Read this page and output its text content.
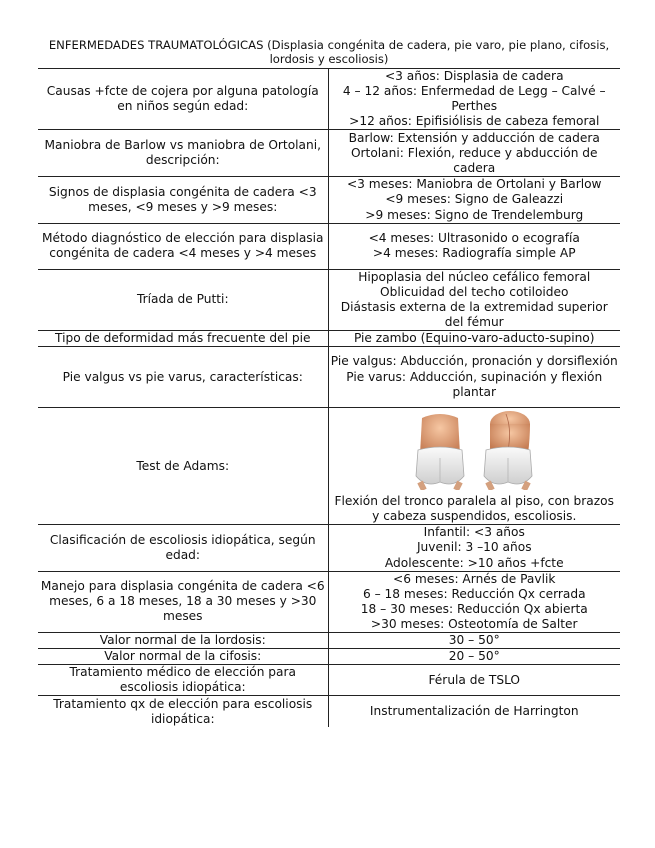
ENFERMEDADES TRAUMATOLÓGICAS (Displasia congénita de cadera, pie varo, pie plano, cifosis, lordosis y escoliosis)
Causas +fcte de cojera por alguna patología en niños según edad:	<3 años: Displasia de cadera
4 – 12 años: Enfermedad de Legg – Calvé –Perthes
>12 años: Epifisiólisis de cabeza femoral

Maniobra de Barlow vs maniobra de Ortolani, descripción:	Barlow: Extensión y adducción de cadera
Ortolani: Flexión, reduce y abducción de cadera

Signos de displasia congénita de cadera <3 meses, <9 meses y >9 meses:	<3 meses: Maniobra de Ortolani y Barlow
<9 meses: Signo de Galeazzi
>9 meses: Signo de Trendelemburg

Método diagnóstico de elección para displasia congénita de cadera <4 meses y >4 meses	<4 meses: Ultrasonido o ecografía
>4 meses: Radiografía simple AP

Tríada de Putti:	Hipoplasia del núcleo cefálico femoral
Oblicuidad del techo cotiloideo
Diástasis externa de la extremidad superior del fémur

Tipo de deformidad más frecuente del pie	Pie zambo (Equino-varo-aducto-supino)
Pie valgus vs pie varus, características:	Pie valgus: Abducción, pronación y dorsiflexión
Pie varus: Adducción, supinación y flexión plantar

Test de Adams:	Flexión del tronco paralela al piso, con brazos y cabeza suspendidos, escoliosis.

Clasificación de escoliosis idiopática, según edad:	Infantil: <3 años
Juvenil: 3 –10 años
Adolescente: >10 años +fcte

Manejo para displasia congénita de cadera <6 meses, 6 a 18 meses, 18 a 30 meses y >30 meses	<6 meses: Arnés de Pavlik
6 – 18 meses: Reducción Qx cerrada
18 – 30 meses: Reducción Qx abierta
>30 meses: Osteotomía de Salter

Valor normal de la lordosis:	30 – 50°
Valor normal de la cifosis:	20 – 50°
Tratamiento médico de elección para escoliosis idiopática:	Férula de TSLO
Tratamiento qx de elección para escoliosis idiopática:	Instrumentalización de Harrington
